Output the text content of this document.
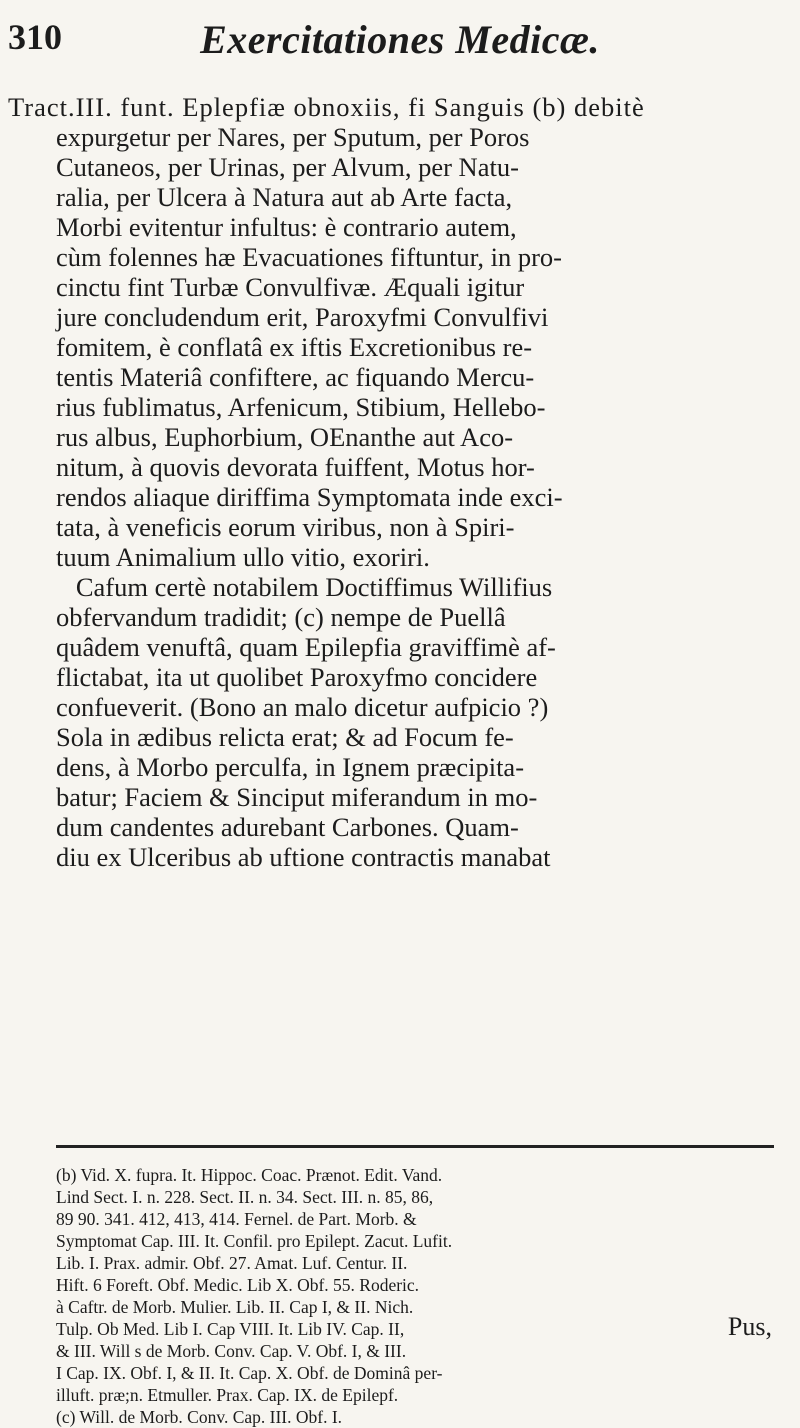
310	Exercitationes Medicæ.
Tract.III. funt. Eplepfiæ obnoxiis, fi Sanguis (b) debitè
expurgetur per Nares, per Sputum, per Poros
Cutaneos, per Urinas, per Alvum, per Natu-
ralia, per Ulcera à Natura aut ab Arte facta,
Morbi evitentur infultus: è contrario autem,
cùm folennes hæ Evacuationes fiftuntur, in pro-
cinctu fint Turbæ Convulfivæ. Æquali igitur
jure concludendum erit, Paroxyfmi Convulfivi
fomitem, è conflatâ ex iftis Excretionibus re-
tentis Materiâ confiftere, ac fiquando Mercu-
rius fublimatus, Arfenicum, Stibium, Hellebo-
rus albus, Euphorbium, OEnanthe aut Aco-
nitum, à quovis devorata fuiffent, Motus hor-
rendos aliaque diriffima Symptomata inde exci-
tata, à veneficis eorum viribus, non à Spiri-
tuum Animalium ullo vitio, exoriri.
Cafum certè notabilem Doctiffimus Willifius
obfervandum tradidit; (c) nempe de Puellâ
quâdem venuftâ, quam Epilepfia graviffimè af-
flictabat, ita ut quolibet Paroxyfmo concidere
confueverit. (Bono an malo dicetur aufpicio ?)
Sola in ædibus relicta erat; & ad Focum fe-
dens, à Morbo perculfa, in Ignem præcipita-
batur; Faciem & Sinciput miferandum in mo-
dum candentes adurebant Carbones. Quam-
diu ex Ulceribus ab uftione contractis manabat
(b) Vid. X. fupra. It. Hippoc. Coac. Prænot. Edit. Vand.
Lind Sect. I. n. 228. Sect. II. n. 34. Sect. III. n. 85, 86,
89 90. 341. 412, 413, 414. Fernel. de Part. Morb. &
Symptomat Cap. III. It. Confil. pro Epilept. Zacut. Lufit.
Lib. I. Prax. admir. Obf. 27. Amat. Luf. Centur. II.
Hift. 6 Foreft. Obf. Medic. Lib X. Obf. 55. Roderic.
à Caftr. de Morb. Mulier. Lib. II. Cap I, & II. Nich.
Tulp. Ob Med. Lib I. Cap VIII. It. Lib IV. Cap. II,
& III. Will s de Morb. Conv. Cap. V. Obf. I, & III.
I Cap. IX. Obf. I, & II. It. Cap. X. Obf. de Dominâ per-
illuft. præ;n. Etmuller. Prax. Cap. IX. de Epilepf.
(c) Will. de Morb. Conv. Cap. III. Obf. I.
Pus,
